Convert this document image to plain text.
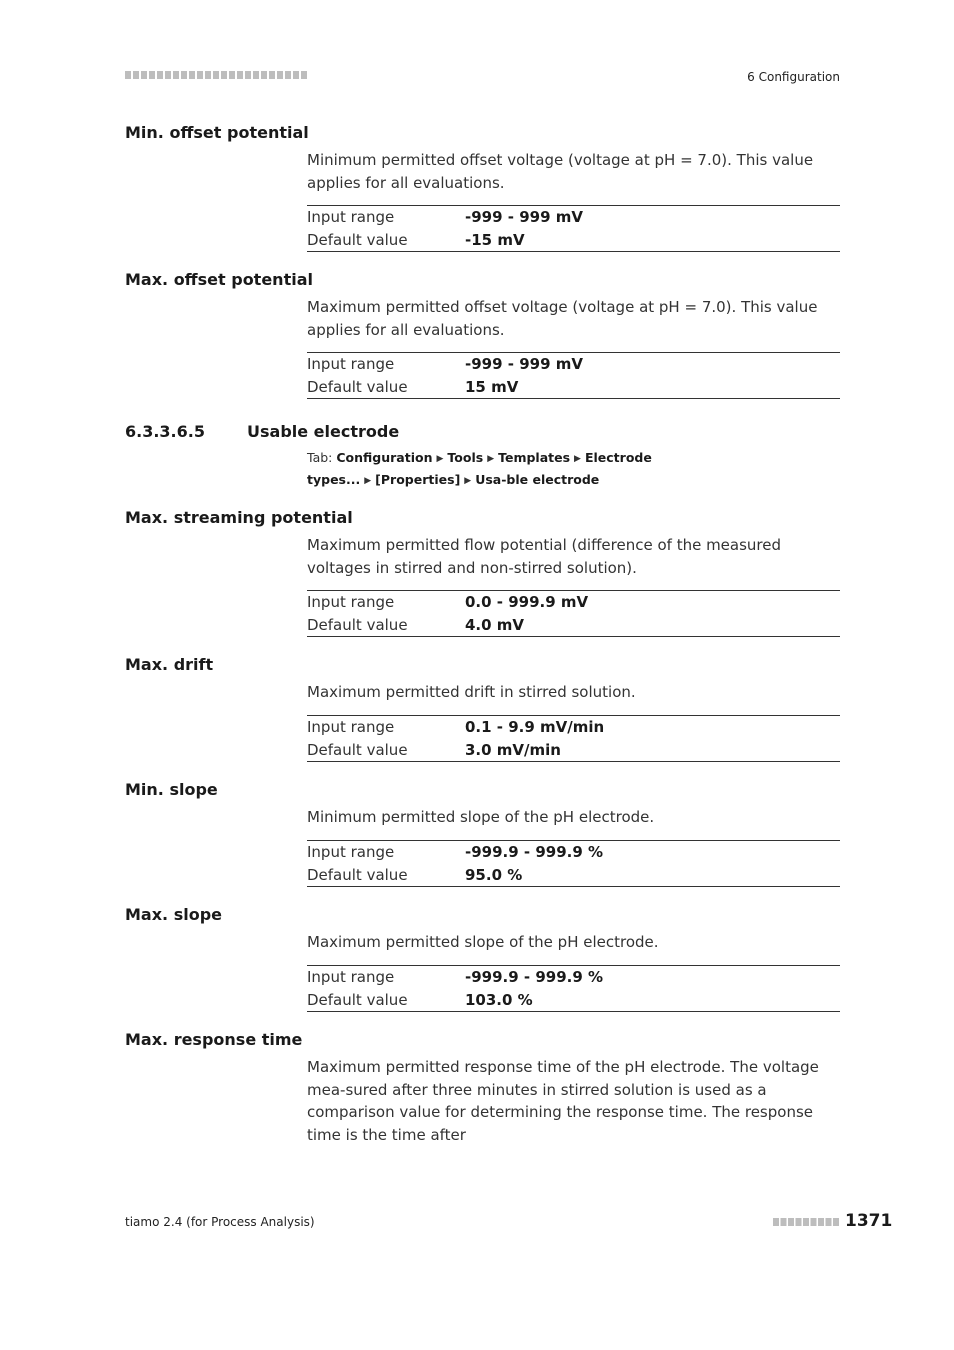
6 Configuration
Min. offset potential
Minimum permitted offset voltage (voltage at pH = 7.0). This value applies for all evaluations.
Input range	-999 - 999 mV
Default value	-15 mV
Max. offset potential
Maximum permitted offset voltage (voltage at pH = 7.0). This value applies for all evaluations.
Input range	-999 - 999 mV
Default value	15 mV
6.3.3.6.5	Usable electrode
Tab: Configuration ▶ Tools ▶ Templates ▶ Electrode types... ▶ [Properties] ▶ Usa-ble electrode
Max. streaming potential
Maximum permitted flow potential (difference of the measured voltages in stirred and non-stirred solution).
Input range	0.0 - 999.9 mV
Default value	4.0 mV
Max. drift
Maximum permitted drift in stirred solution.
Input range	0.1 - 9.9 mV/min
Default value	3.0 mV/min
Min. slope
Minimum permitted slope of the pH electrode.
Input range	-999.9 - 999.9 %
Default value	95.0 %
Max. slope
Maximum permitted slope of the pH electrode.
Input range	-999.9 - 999.9 %
Default value	103.0 %
Max. response time
Maximum permitted response time of the pH electrode. The voltage mea-sured after three minutes in stirred solution is used as a comparison value for determining the response time. The response time is the time after
tiamo 2.4 (for Process Analysis)	1371
